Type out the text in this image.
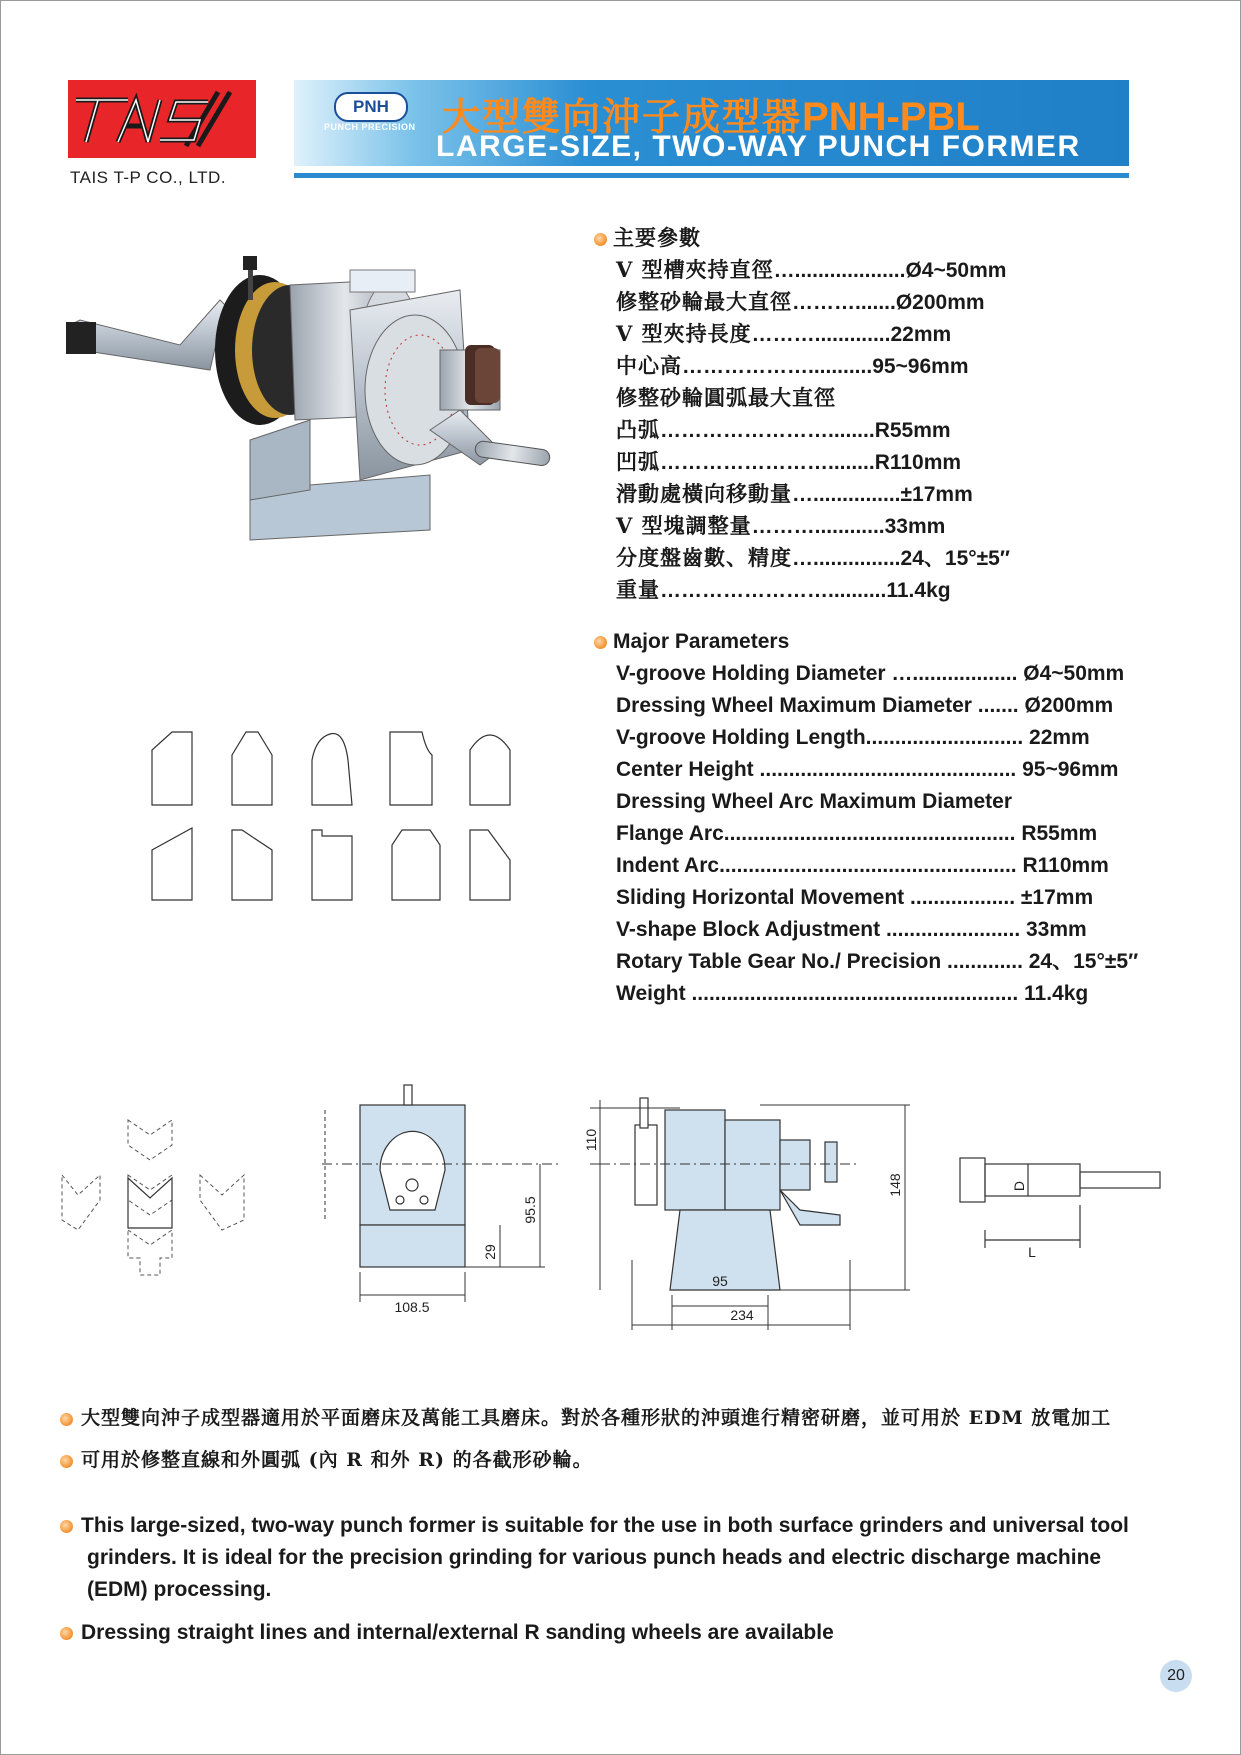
TAIS T-P CO., LTD.
PNH
PUNCH PRECISION 大型雙向沖子成型器PNH-PBL
LARGE-SIZE, TWO-WAY PUNCH FORMER
主要參數
V 型槽夾持直徑…...................Ø4~50mm
修整砂輪最大直徑……….......Ø200mm
V 型夾持長度……….............22mm
中心高………………...........95~96mm
修整砂輪圓弧最大直徑
凸弧……………………........R55mm
凹弧……………………........R110mm
滑動處橫向移動量…...............±17mm
V 型塊調整量………............33mm
分度盤齒數、精度…...............24、15°±5″
重量……………………..........11.4kg
Major Parameters
V-groove Holding Diameter ….................. Ø4~50mm
Dressing Wheel Maximum Diameter ....... Ø200mm
V-groove Holding Length........................... 22mm
Center Height ............................................ 95~96mm
Dressing Wheel Arc Maximum Diameter
Flange Arc.................................................. R55mm
Indent Arc................................................... R110mm
Sliding Horizontal Movement .................. ±17mm
V-shape Block Adjustment ....................... 33mm
Rotary Table Gear No./ Precision ............. 24、15°±5″
Weight ........................................................ 11.4kg
108.5
29
95.5
110
148
95
234
D
L
大型雙向沖子成型器適用於平面磨床及萬能工具磨床。對於各種形狀的沖頭進行精密研磨，並可用於 EDM 放電加工
可用於修整直線和外圓弧 (內 R 和外 R) 的各截形砂輪。
This large-sized, two-way punch former is suitable for the use in both surface grinders and universal tool
grinders. It is ideal for the precision grinding for various punch heads and electric discharge machine
(EDM) processing.
Dressing straight lines and internal/external R sanding wheels are available
20
